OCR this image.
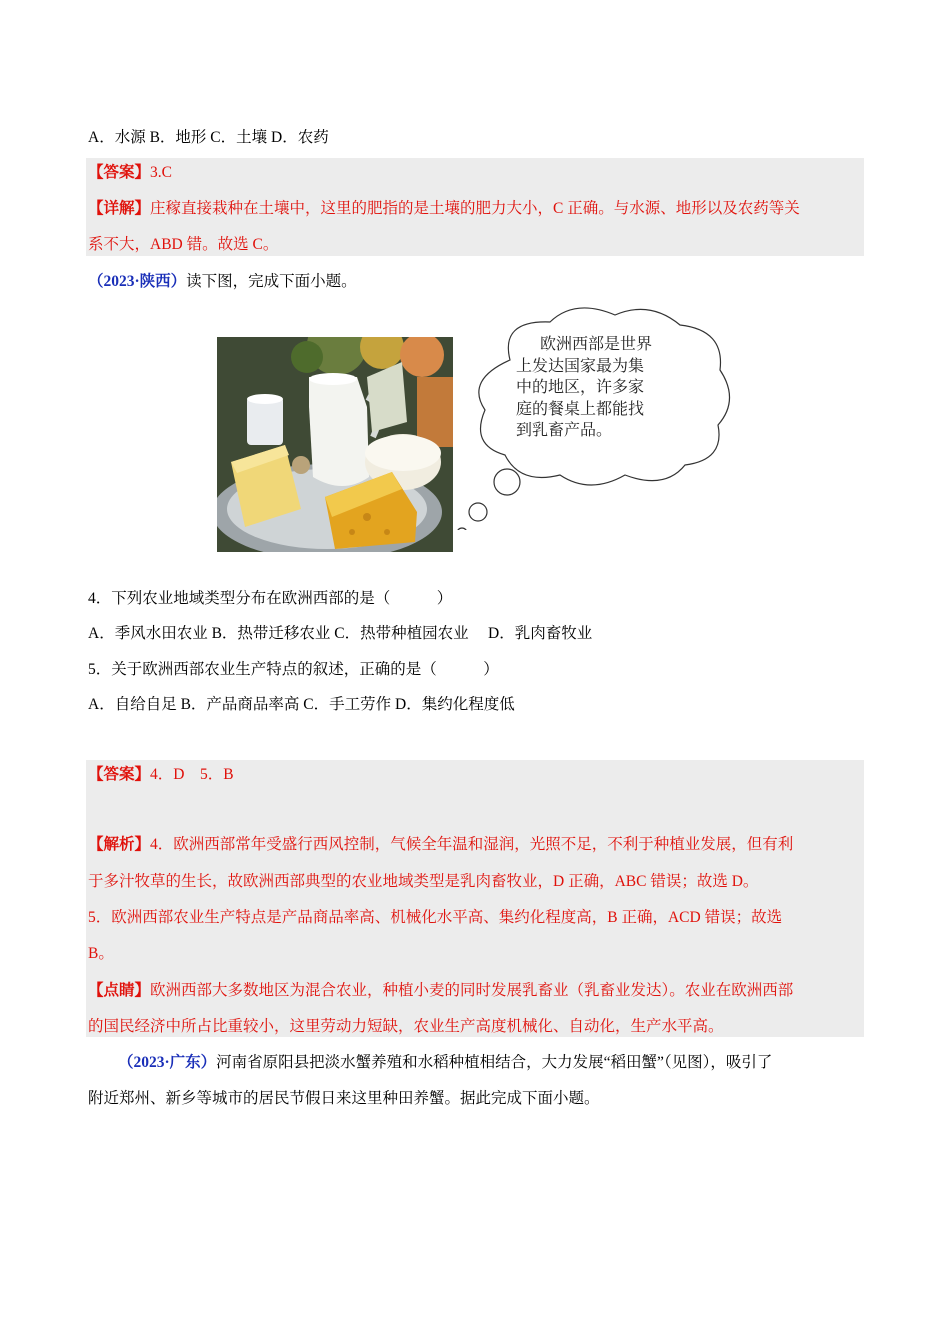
A．水源 B．地形 C．土壤 D．农药
【答案】3.C
【详解】庄稼直接栽种在土壤中，这里的肥指的是土壤的肥力大小，C 正确。与水源、地形以及农药等关
系不大，ABD 错。故选 C。
（2023·陕西）读下图，完成下面小题。
欧洲西部是世界
上发达国家最为集
中的地区，许多家
庭的餐桌上都能找
到乳畜产品。
4．下列农业地域类型分布在欧洲西部的是（　　　）
A．季风水田农业 B．热带迁移农业 C．热带种植园农业　 D．乳肉畜牧业
5．关于欧洲西部农业生产特点的叙述，正确的是（　　　）
A．自给自足 B．产品商品率高 C．手工劳作 D．集约化程度低
【答案】4．D　5．B
【解析】4．欧洲西部常年受盛行西风控制，气候全年温和湿润，光照不足，不利于种植业发展，但有利
于多汁牧草的生长，故欧洲西部典型的农业地域类型是乳肉畜牧业，D 正确，ABC 错误；故选 D。
5．欧洲西部农业生产特点是产品商品率高、机械化水平高、集约化程度高，B 正确，ACD 错误；故选
B。
【点睛】欧洲西部大多数地区为混合农业，种植小麦的同时发展乳畜业（乳畜业发达）。农业在欧洲西部
的国民经济中所占比重较小，这里劳动力短缺，农业生产高度机械化、自动化，生产水平高。
（2023·广东）河南省原阳县把淡水蟹养殖和水稻种植相结合，大力发展“稻田蟹”（见图），吸引了
附近郑州、新乡等城市的居民节假日来这里种田养蟹。据此完成下面小题。
